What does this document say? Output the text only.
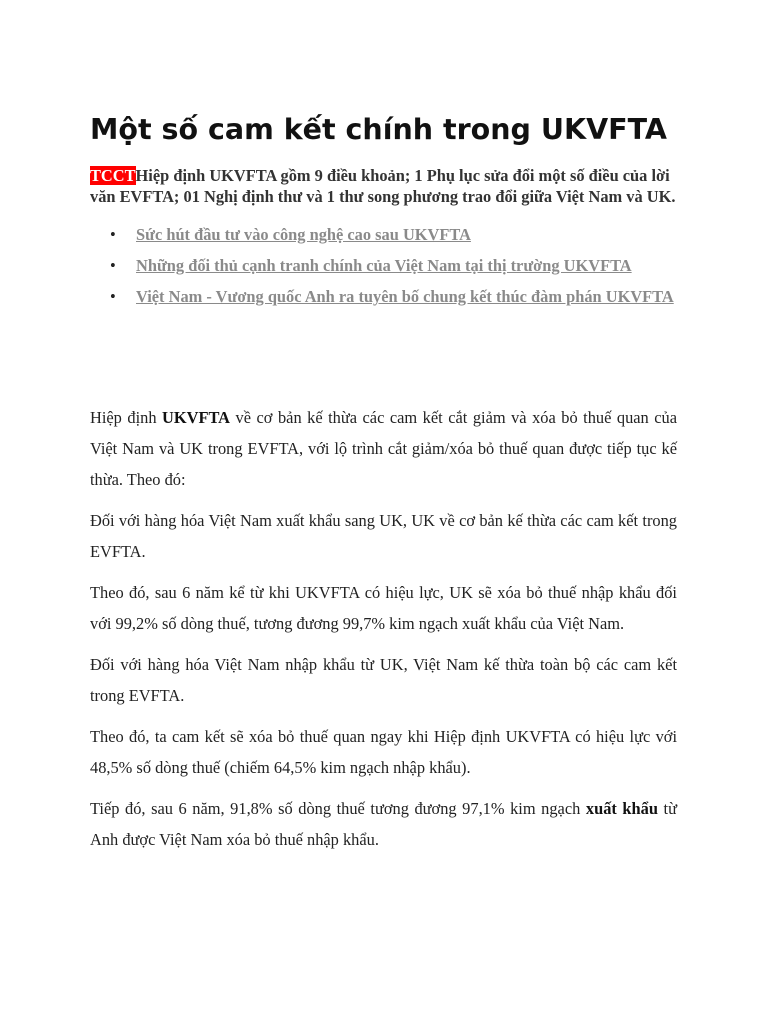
Một số cam kết chính trong UKVFTA

TCCTHiệp định UKVFTA gồm 9 điều khoản; 1 Phụ lục sửa đổi một số điều của lời văn EVFTA; 01 Nghị định thư và 1 thư song phương trao đổi giữa Việt Nam và UK.

• Sức hút đầu tư vào công nghệ cao sau UKVFTA
• Những đối thủ cạnh tranh chính của Việt Nam tại thị trường UKVFTA
• Việt Nam - Vương quốc Anh ra tuyên bố chung kết thúc đàm phán UKVFTA

Hiệp định UKVFTA về cơ bản kế thừa các cam kết cắt giảm và xóa bỏ thuế quan của Việt Nam và UK trong EVFTA, với lộ trình cắt giảm/xóa bỏ thuế quan được tiếp tục kế thừa. Theo đó:

Đối với hàng hóa Việt Nam xuất khẩu sang UK, UK về cơ bản kế thừa các cam kết trong EVFTA.

Theo đó, sau 6 năm kể từ khi UKVFTA có hiệu lực, UK sẽ xóa bỏ thuế nhập khẩu đối với 99,2% số dòng thuế, tương đương 99,7% kim ngạch xuất khẩu của Việt Nam.

Đối với hàng hóa Việt Nam nhập khẩu từ UK, Việt Nam kế thừa toàn bộ các cam kết trong EVFTA.

Theo đó, ta cam kết sẽ xóa bỏ thuế quan ngay khi Hiệp định UKVFTA có hiệu lực với 48,5% số dòng thuế (chiếm 64,5% kim ngạch nhập khẩu).

Tiếp đó, sau 6 năm, 91,8% số dòng thuế tương đương 97,1% kim ngạch xuất khẩu từ Anh được Việt Nam xóa bỏ thuế nhập khẩu.
